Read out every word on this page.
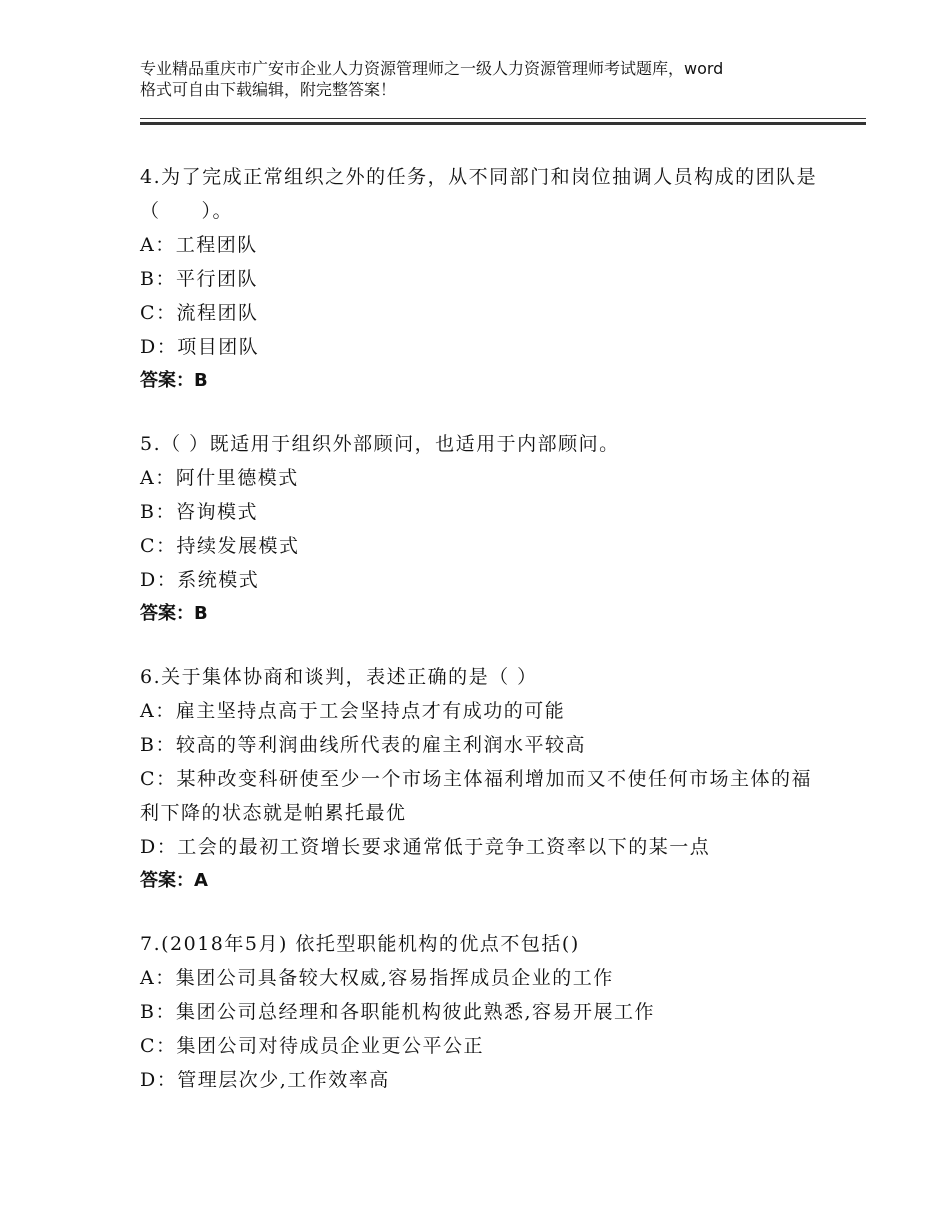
专业精品重庆市广安市企业人力资源管理师之一级人力资源管理师考试题库，word
格式可自由下载编辑，附完整答案！
4.为了完成正常组织之外的任务，从不同部门和岗位抽调人员构成的团队是（　　）。
A：工程团队
B：平行团队
C：流程团队
D：项目团队
答案：B
5.（ ）既适用于组织外部顾问，也适用于内部顾问。
A：阿什里德模式
B：咨询模式
C：持续发展模式
D：系统模式
答案：B
6.关于集体协商和谈判，表述正确的是（ ）
A：雇主坚持点高于工会坚持点才有成功的可能
B：较高的等利润曲线所代表的雇主利润水平较高
C：某种改变科研使至少一个市场主体福利增加而又不使任何市场主体的福利下降的状态就是帕累托最优
D：工会的最初工资增长要求通常低于竞争工资率以下的某一点
答案：A
7.(2018年5月) 依托型职能机构的优点不包括()
A：集团公司具备较大权威,容易指挥成员企业的工作
B：集团公司总经理和各职能机构彼此熟悉,容易开展工作
C：集团公司对待成员企业更公平公正
D：管理层次少,工作效率高
